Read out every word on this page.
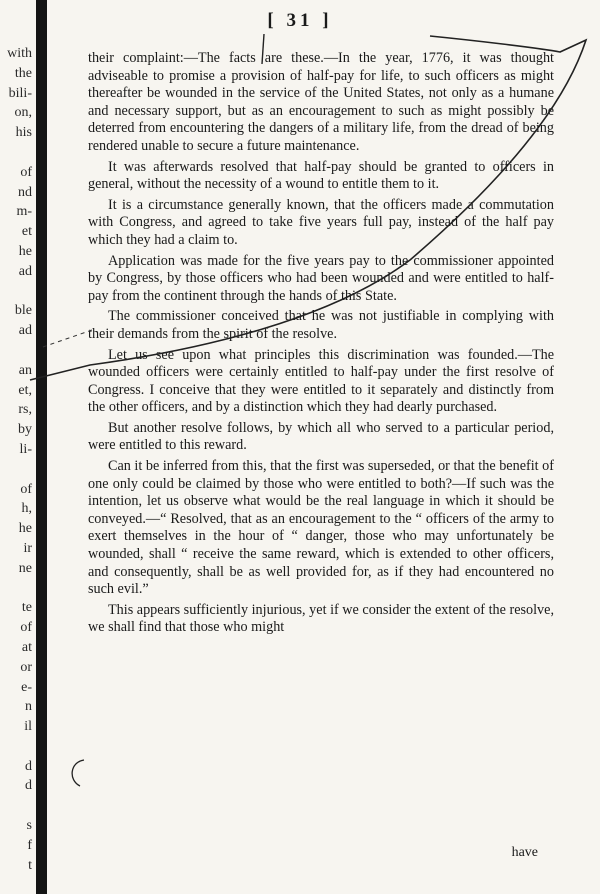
with
the
bili-
on,
his
of
nd
m-
et
he
ad
ble
ad
an
et,
rs,
by
li-
of
h,
he
ir
ne
te
of
at
or
e-
n
il
d
d
s
f
t
[ 31 ]

their complaint:—The facts are these.—In the year, 1776, it was thought adviseable to promise a provision of half-pay for life, to such officers as might thereafter be wounded in the service of the United States, not only as a humane and necessary support, but as an encouragement to such as might possibly be deterred from encountering the dangers of a military life, from the dread of being rendered unable to secure a future maintenance.

It was afterwards resolved that half-pay should be granted to officers in general, without the necessity of a wound to entitle them to it.

It is a circumstance generally known, that the officers made a commutation with Congress, and agreed to take five years full pay, instead of the half pay which they had a claim to.

Application was made for the five years pay to the commissioner appointed by Congress, by those officers who had been wounded and were entitled to half-pay from the continent through the hands of this State.

The commissioner conceived that he was not justifiable in complying with their demands from the spirit of the resolve.

Let us see upon what principles this discrimination was founded.—The wounded officers were certainly entitled to half-pay under the first resolve of Congress. I conceive that they were entitled to it separately and distinctly from the other officers, and by a distinction which they had dearly purchased.

But another resolve follows, by which all who served to a particular period, were entitled to this reward.

Can it be inferred from this, that the first was superseded, or that the benefit of one only could be claimed by those who were entitled to both?—If such was the intention, let us observe what would be the real language in which it should be conveyed.—“ Resolved, that as an encouragement to the “ officers of the army to exert themselves in the hour of “ danger, those who may unfortunately be wounded, shall “ receive the same reward, which is extended to other officers, and consequently, shall be as well provided for, as if they had encountered no such evil.”

This appears sufficiently injurious, yet if we consider the extent of the resolve, we shall find that those who might

have
